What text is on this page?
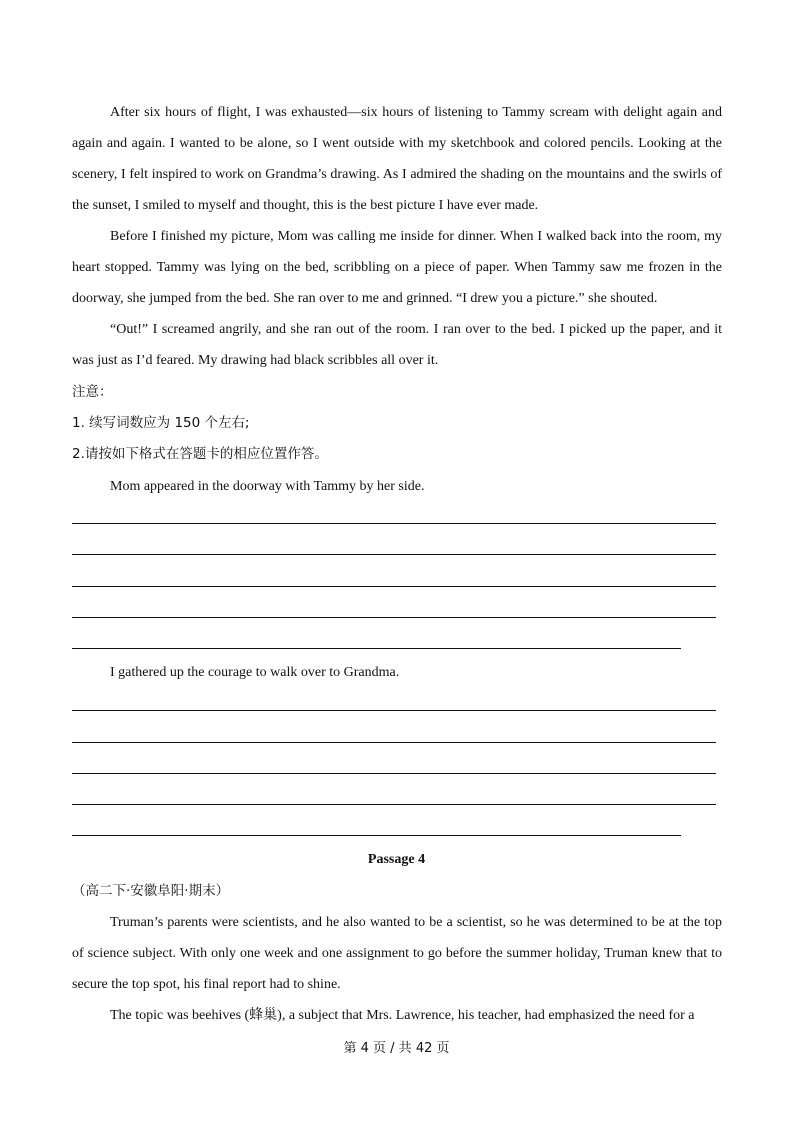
After six hours of flight, I was exhausted—six hours of listening to Tammy scream with delight again and again and again. I wanted to be alone, so I went outside with my sketchbook and colored pencils. Looking at the scenery, I felt inspired to work on Grandma’s drawing. As I admired the shading on the mountains and the swirls of the sunset, I smiled to myself and thought, this is the best picture I have ever made.

Before I finished my picture, Mom was calling me inside for dinner. When I walked back into the room, my heart stopped. Tammy was lying on the bed, scribbling on a piece of paper. When Tammy saw me frozen in the doorway, she jumped from the bed. She ran over to me and grinned. “I drew you a picture.” she shouted.

“Out!” I screamed angrily, and she ran out of the room. I ran over to the bed. I picked up the paper, and it was just as I’d feared. My drawing had black scribbles all over it.

注意：
1. 续写词数应为 150 个左右;
2.请按如下格式在答题卡的相应位置作答。
Mom appeared in the doorway with Tammy by her side.
I gathered up the courage to walk over to Grandma.
Passage 4
（高二下·安徽阜阳·期末）

Truman’s parents were scientists, and he also wanted to be a scientist, so he was determined to be at the top of science subject. With only one week and one assignment to go before the summer holiday, Truman knew that to secure the top spot, his final report had to shine.

The topic was beehives (蜂巢), a subject that Mrs. Lawrence, his teacher, had emphasized the need for a

第 4 页 / 共 42 页
